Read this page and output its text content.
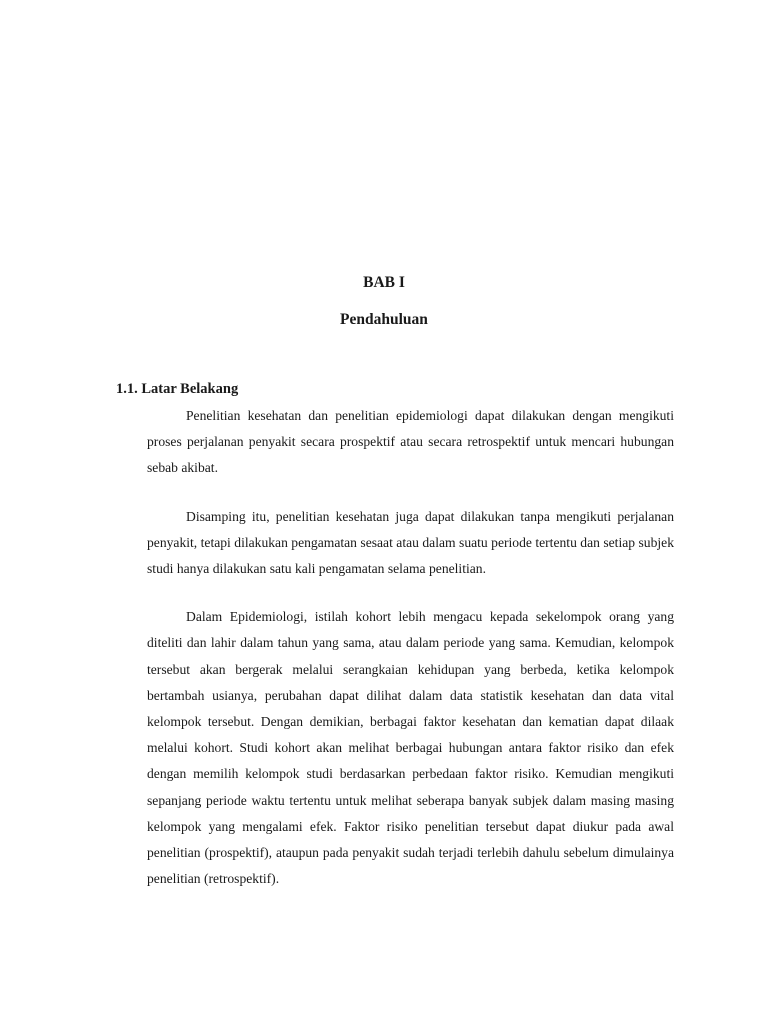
BAB I
Pendahuluan
1.1. Latar Belakang

Penelitian kesehatan dan penelitian epidemiologi dapat dilakukan dengan mengikuti proses perjalanan penyakit secara prospektif atau secara retrospektif untuk mencari hubungan sebab akibat.

Disamping itu, penelitian kesehatan juga dapat dilakukan tanpa mengikuti perjalanan penyakit, tetapi dilakukan pengamatan sesaat atau dalam suatu periode tertentu dan setiap subjek studi hanya dilakukan satu kali pengamatan selama penelitian.

Dalam Epidemiologi, istilah kohort lebih mengacu kepada sekelompok orang yang diteliti dan lahir dalam tahun yang sama, atau dalam periode yang sama. Kemudian, kelompok tersebut akan bergerak melalui serangkaian kehidupan yang berbeda, ketika kelompok bertambah usianya, perubahan dapat dilihat dalam data statistik kesehatan dan data vital kelompok tersebut. Dengan demikian, berbagai faktor kesehatan dan kematian dapat dilaak melalui kohort. Studi kohort akan melihat berbagai hubungan antara faktor risiko dan efek dengan memilih kelompok studi berdasarkan perbedaan faktor risiko. Kemudian mengikuti sepanjang periode waktu tertentu untuk melihat seberapa banyak subjek dalam masing masing kelompok yang mengalami efek. Faktor risiko penelitian tersebut dapat diukur pada awal penelitian (prospektif), ataupun pada penyakit sudah terjadi terlebih dahulu sebelum dimulainya penelitian (retrospektif).
